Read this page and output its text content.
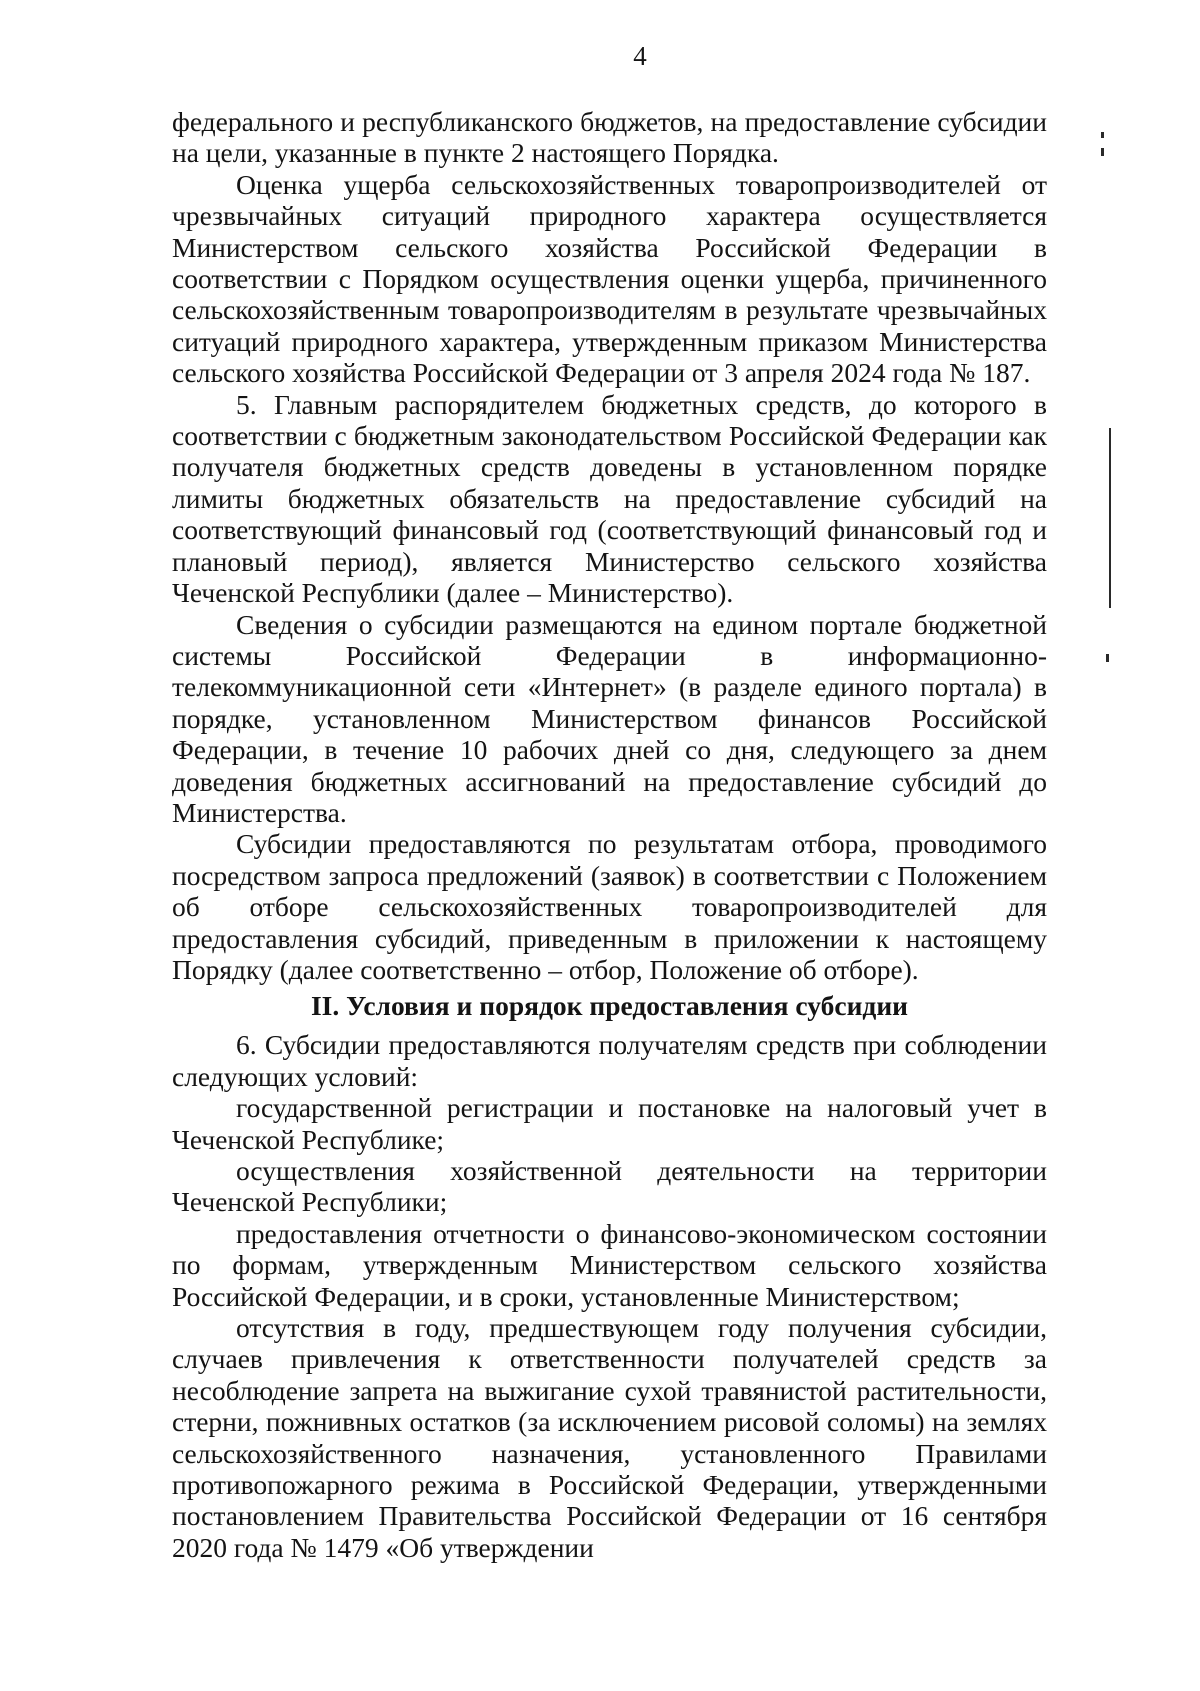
4

федерального и республиканского бюджетов, на предоставление субсидии на цели, указанные в пункте 2 настоящего Порядка.

Оценка ущерба сельскохозяйственных товаропроизводителей от чрезвычайных ситуаций природного характера осуществляется Министерством сельского хозяйства Российской Федерации в соответствии с Порядком осуществления оценки ущерба, причиненного сельскохозяйственным товаропроизводителям в результате чрезвычайных ситуаций природного характера, утвержденным приказом Министерства сельского хозяйства Российской Федерации от 3 апреля 2024 года № 187.

5. Главным распорядителем бюджетных средств, до которого в соответствии с бюджетным законодательством Российской Федерации как получателя бюджетных средств доведены в установленном порядке лимиты бюджетных обязательств на предоставление субсидий на соответствующий финансовый год (соответствующий финансовый год и плановый период), является Министерство сельского хозяйства Чеченской Республики (далее – Министерство).

Сведения о субсидии размещаются на едином портале бюджетной системы Российской Федерации в информационно-телекоммуникационной сети «Интернет» (в разделе единого портала) в порядке, установленном Министерством финансов Российской Федерации, в течение 10 рабочих дней со дня, следующего за днем доведения бюджетных ассигнований на предоставление субсидий до Министерства.

Субсидии предоставляются по результатам отбора, проводимого посредством запроса предложений (заявок) в соответствии с Положением об отборе сельскохозяйственных товаропроизводителей для предоставления субсидий, приведенным в приложении к настоящему Порядку (далее соответственно – отбор, Положение об отборе).

II. Условия и порядок предоставления субсидии

6. Субсидии предоставляются получателям средств при соблюдении следующих условий:

государственной регистрации и постановке на налоговый учет в Чеченской Республике;

осуществления хозяйственной деятельности на территории Чеченской Республики;

предоставления отчетности о финансово-экономическом состоянии по формам, утвержденным Министерством сельского хозяйства Российской Федерации, и в сроки, установленные Министерством;

отсутствия в году, предшествующем году получения субсидии, случаев привлечения к ответственности получателей средств за несоблюдение запрета на выжигание сухой травянистой растительности, стерни, пожнивных остатков (за исключением рисовой соломы) на землях сельскохозяйственного назначения, установленного Правилами противопожарного режима в Российской Федерации, утвержденными постановлением Правительства Российской Федерации от 16 сентября 2020 года № 1479 «Об утверждении
